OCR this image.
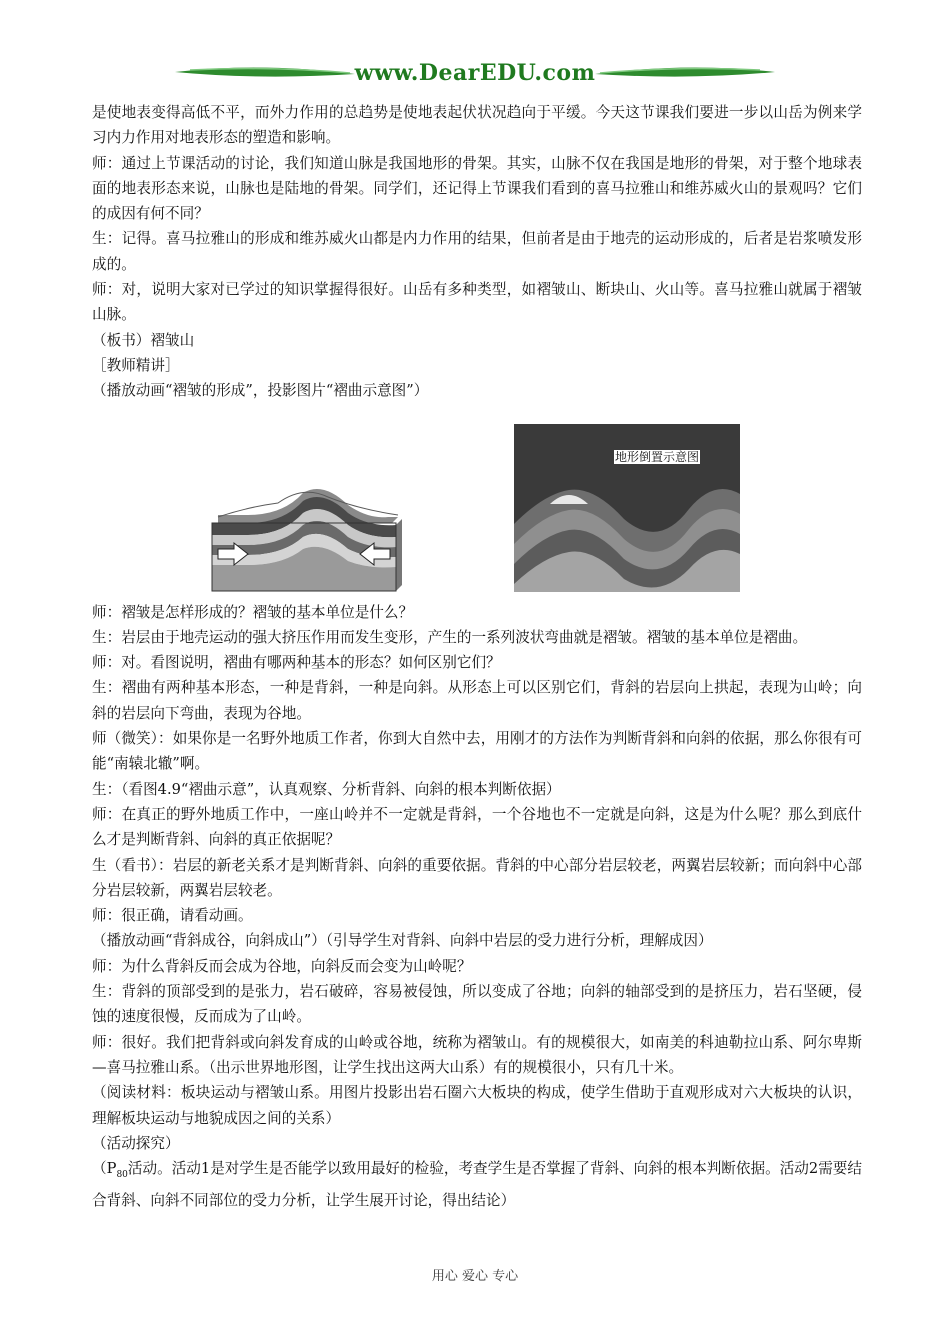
www.DearEDU.com

是使地表变得高低不平，而外力作用的总趋势是使地表起伏状况趋向于平缓。今天这节课我们要进一步以山岳为例来学习内力作用对地表形态的塑造和影响。

师：通过上节课活动的讨论，我们知道山脉是我国地形的骨架。其实，山脉不仅在我国是地形的骨架，对于整个地球表面的地表形态来说，山脉也是陆地的骨架。同学们，还记得上节课我们看到的喜马拉雅山和维苏威火山的景观吗？它们的成因有何不同？

生：记得。喜马拉雅山的形成和维苏威火山都是内力作用的结果，但前者是由于地壳的运动形成的，后者是岩浆喷发形成的。

师：对，说明大家对已学过的知识掌握得很好。山岳有多种类型，如褶皱山、断块山、火山等。喜马拉雅山就属于褶皱山脉。

（板书）褶皱山

［教师精讲］

（播放动画“褶皱的形成”，投影图片“褶曲示意图”）

地形倒置示意图

师：褶皱是怎样形成的？褶皱的基本单位是什么？

生：岩层由于地壳运动的强大挤压作用而发生变形，产生的一系列波状弯曲就是褶皱。褶皱的基本单位是褶曲。

师：对。看图说明，褶曲有哪两种基本的形态？如何区别它们？

生：褶曲有两种基本形态，一种是背斜，一种是向斜。从形态上可以区别它们，背斜的岩层向上拱起，表现为山岭；向斜的岩层向下弯曲，表现为谷地。

师（微笑）：如果你是一名野外地质工作者，你到大自然中去，用刚才的方法作为判断背斜和向斜的依据，那么你很有可能“南辕北辙”啊。

生：（看图4.9“褶曲示意”，认真观察、分析背斜、向斜的根本判断依据）

师：在真正的野外地质工作中，一座山岭并不一定就是背斜，一个谷地也不一定就是向斜，这是为什么呢？那么到底什么才是判断背斜、向斜的真正依据呢？

生（看书）：岩层的新老关系才是判断背斜、向斜的重要依据。背斜的中心部分岩层较老，两翼岩层较新；而向斜中心部分岩层较新，两翼岩层较老。

师：很正确，请看动画。

（播放动画“背斜成谷，向斜成山”）（引导学生对背斜、向斜中岩层的受力进行分析，理解成因）

师：为什么背斜反而会成为谷地，向斜反而会变为山岭呢？

生：背斜的顶部受到的是张力，岩石破碎，容易被侵蚀，所以变成了谷地；向斜的轴部受到的是挤压力，岩石坚硬，侵蚀的速度很慢，反而成为了山岭。

师：很好。我们把背斜或向斜发育成的山岭或谷地，统称为褶皱山。有的规模很大，如南美的科迪勒拉山系、阿尔卑斯—喜马拉雅山系。（出示世界地形图，让学生找出这两大山系）有的规模很小，只有几十米。

（阅读材料：板块运动与褶皱山系。用图片投影出岩石圈六大板块的构成，使学生借助于直观形成对六大板块的认识，理解板块运动与地貌成因之间的关系）

（活动探究）

（$P_{80}$活动。活动1是对学生是否能学以致用最好的检验，考查学生是否掌握了背斜、向斜的根本判断依据。活动2需要结合背斜、向斜不同部位的受力分析，让学生展开讨论，得出结论）

用心 爱心 专心
